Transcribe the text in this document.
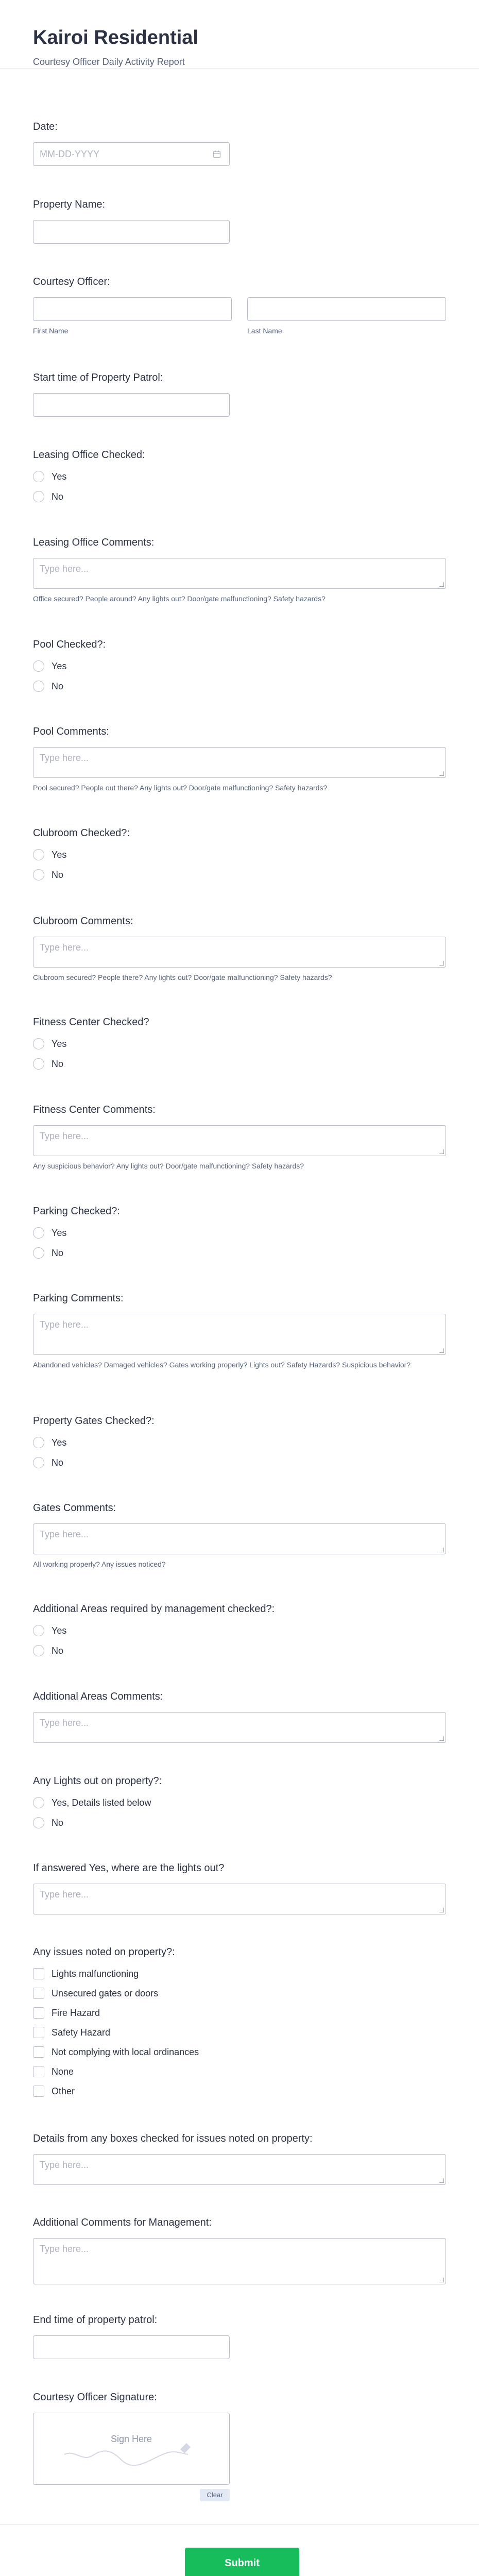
Kairoi Residential
Courtesy Officer Daily Activity Report
Date:
MM-DD-YYYY
Property Name:
Courtesy Officer:
First Name	Last Name
Start time of Property Patrol:
Leasing Office Checked:
Yes
No
Leasing Office Comments:
Type here...
Office secured? People around? Any lights out? Door/gate malfunctioning? Safety hazards?
Pool Checked?:
Yes
No
Pool Comments:
Type here...
Pool secured? People out there? Any lights out? Door/gate malfunctioning? Safety hazards?
Clubroom Checked?:
Yes
No
Clubroom Comments:
Type here...
Clubroom secured? People there? Any lights out? Door/gate malfunctioning? Safety hazards?
Fitness Center Checked?
Yes
No
Fitness Center Comments:
Type here...
Any suspicious behavior? Any lights out? Door/gate malfunctioning? Safety hazards?
Parking Checked?:
Yes
No
Parking Comments:
Type here...
Abandoned vehicles? Damaged vehicles? Gates working properly? Lights out? Safety Hazards? Suspicious behavior?
Property Gates Checked?:
Yes
No
Gates Comments:
Type here...
All working properly? Any issues noticed?
Additional Areas required by management checked?:
Yes
No
Additional Areas Comments:
Type here...
Any Lights out on property?:
Yes, Details listed below
No
If answered Yes, where are the lights out?
Type here...
Any issues noted on property?:
Lights malfunctioning
Unsecured gates or doors
Fire Hazard
Safety Hazard
Not complying with local ordinances
None
Other
Details from any boxes checked for issues noted on property:
Type here...
Additional Comments for Management:
Type here...
End time of property patrol:
Courtesy Officer Signature:
Sign Here
Clear
Submit
